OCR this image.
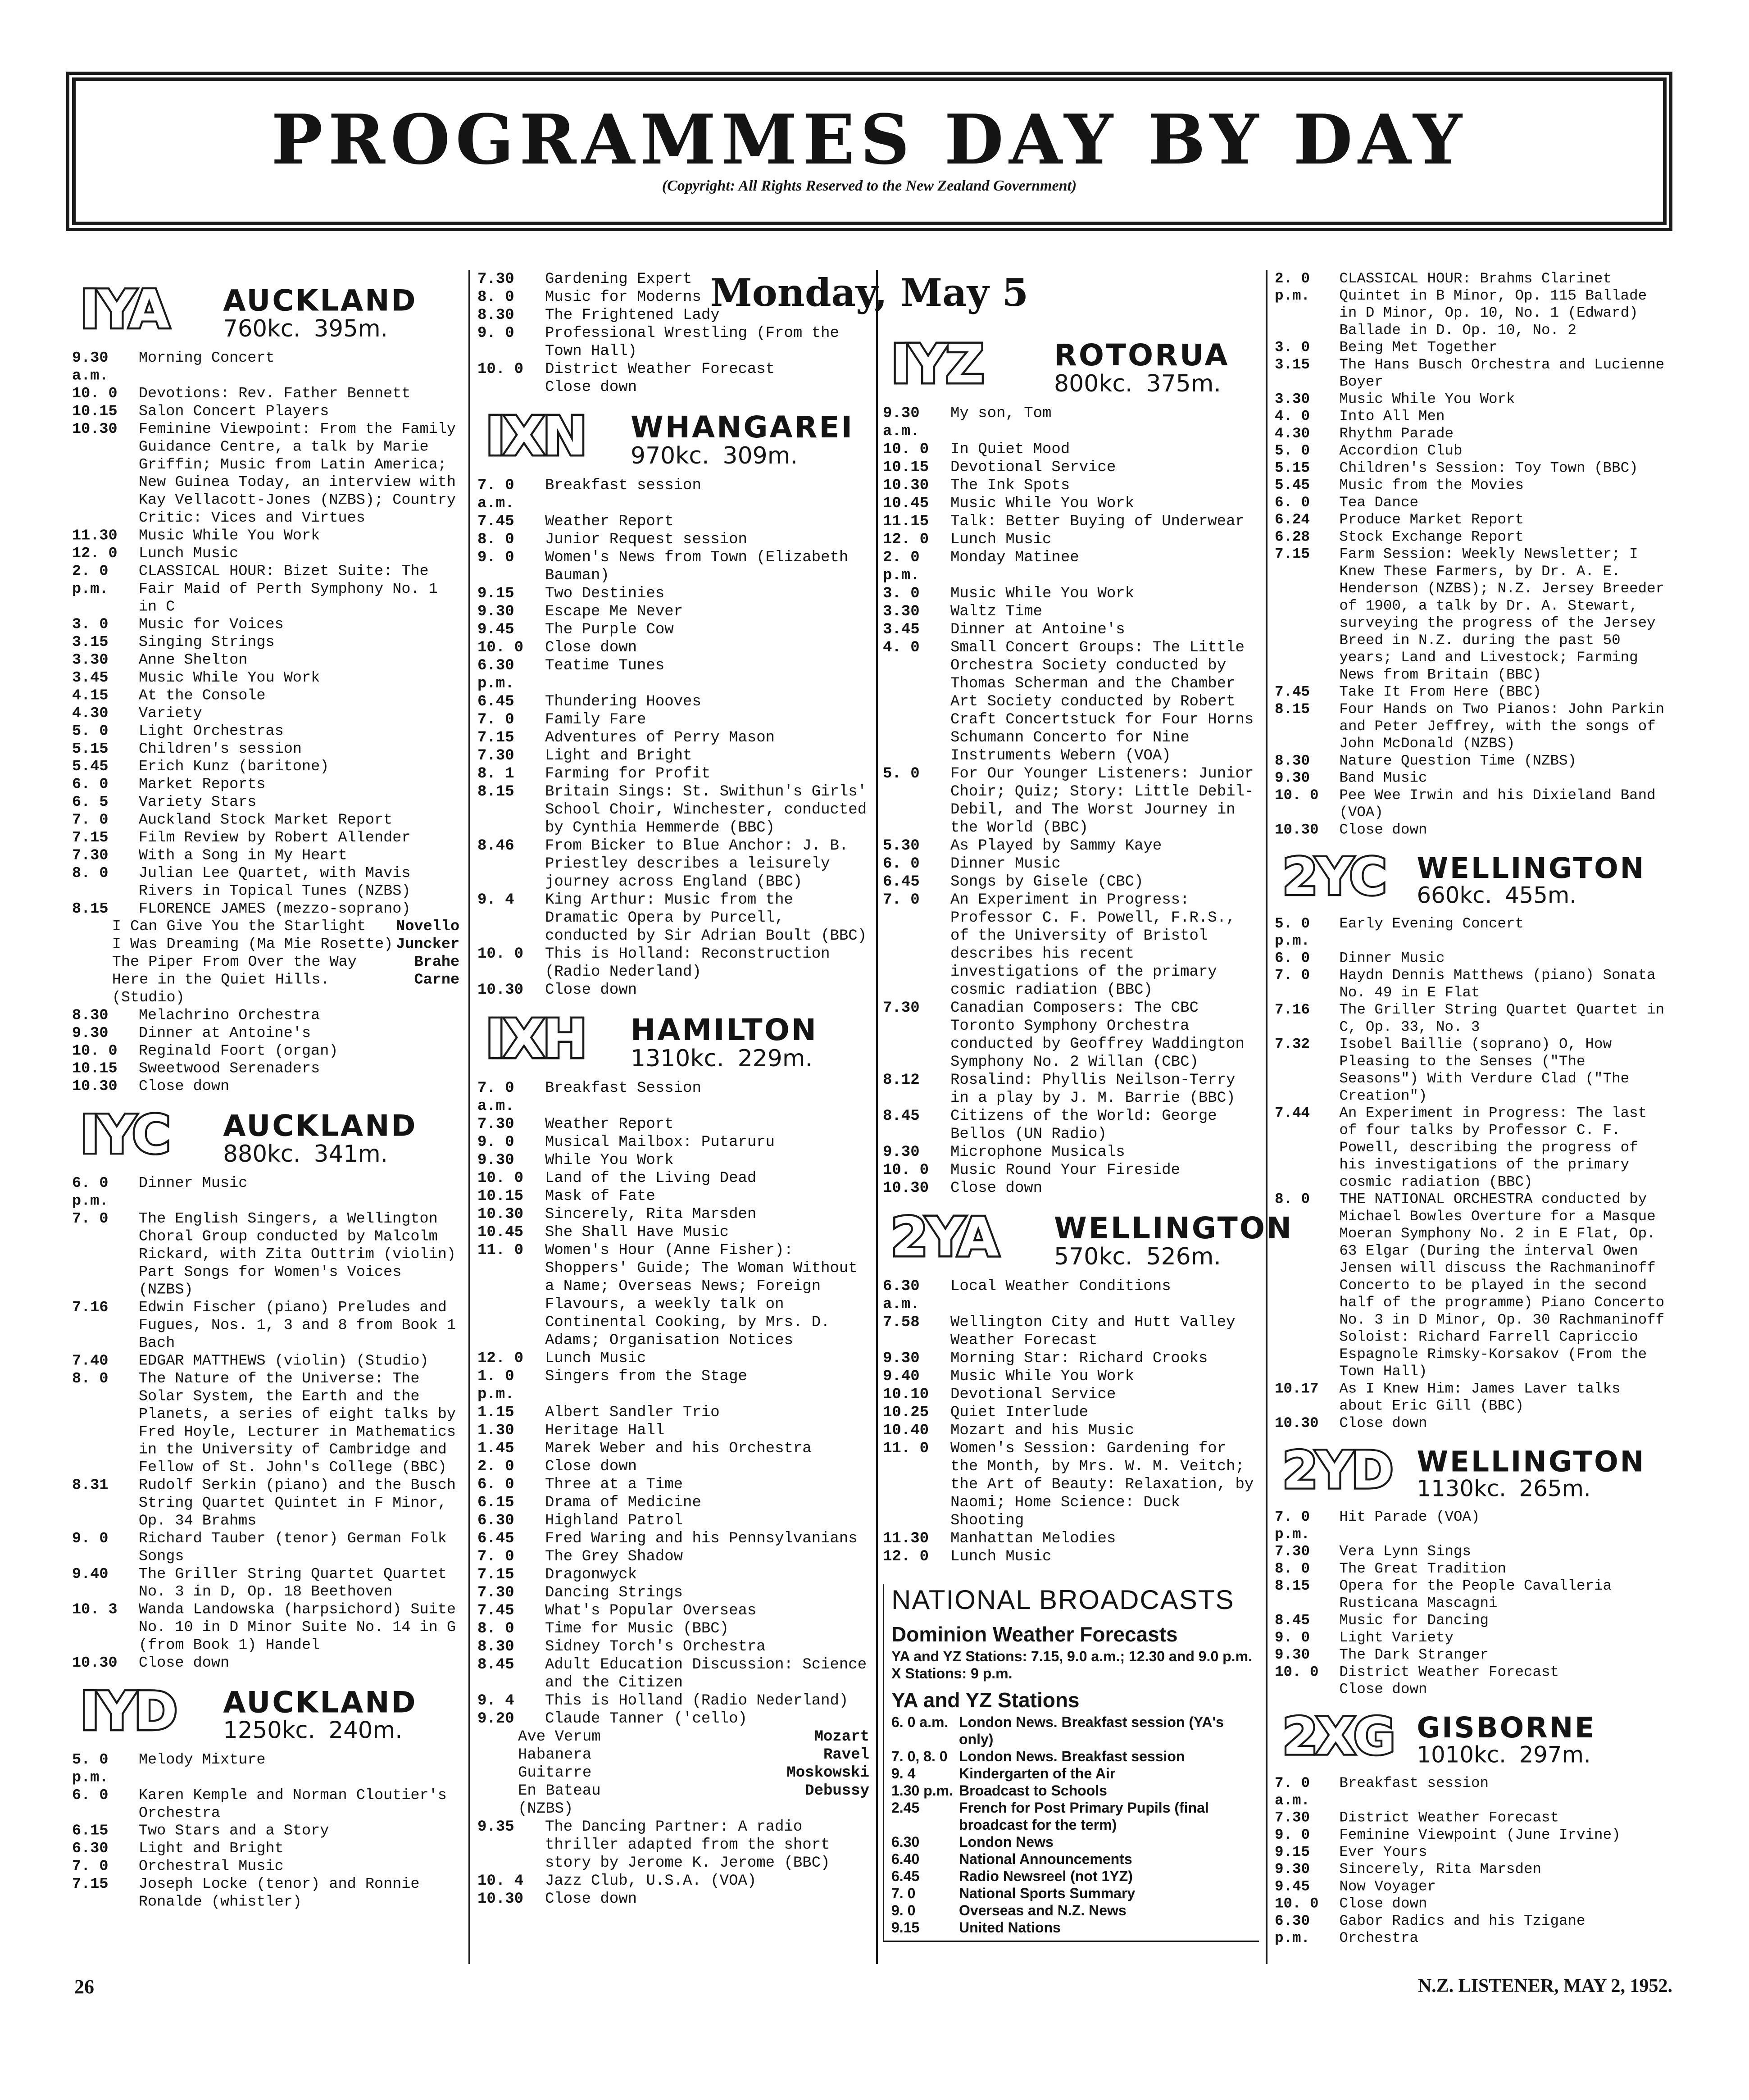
PROGRAMMES DAY BY DAY
(Copyright: All Rights Reserved to the New Zealand Government)
IYA AUCKLAND
760kc. 395m.
9.30 a.m.
Morning Concert
10. 0	Devotions: Rev. Father Bennett
10.15	Salon Concert Players
10.30	Feminine Viewpoint: From the Family Guidance Centre, a talk by Marie Griffin; Music from Latin America; New Guinea Today, an interview with Kay Vellacott-Jones (NZBS); Country Critic: Vices and Virtues
11.30	Music While You Work
12. 0	Lunch Music
2. 0 p.m.
CLASSICAL HOUR: Bizet Suite: The Fair Maid of Perth Symphony No. 1 in C
3. 0	Music for Voices
3.15	Singing Strings
3.30	Anne Shelton
3.45	Music While You Work
4.15	At the Console
4.30	Variety
5. 0	Light Orchestras
5.15	Children's session
5.45	Erich Kunz (baritone)
6. 0	Market Reports
6. 5	Variety Stars
7. 0	Auckland Stock Market Report
7.15	Film Review by Robert Allender
7.30	With a Song in My Heart
8. 0	Julian Lee Quartet, with Mavis Rivers in Topical Tunes (NZBS)
8.15	FLORENCE JAMES (mezzo-soprano)
I Can Give You the Starlight Novello
I Was Dreaming (Ma Mie Rosette) Juncker
The Piper From Over the Way	Brahe
Here in the Quiet Hills.	Carne
(Studio)
8.30	Melachrino Orchestra
9.30	Dinner at Antoine's
10. 0	Reginald Foort (organ)
10.15	Sweetwood Serenaders
10.30	Close down
IYC AUCKLAND
880kc. 341m.
6. 0 p.m.
Dinner Music
7. 0	The English Singers, a Wellington Choral Group conducted by Malcolm Rickard, with Zita Outtrim (violin) Part Songs for Women's Voices (NZBS)
7.16	Edwin Fischer (piano) Preludes and Fugues, Nos. 1, 3 and 8 from Book 1 Bach
7.40	EDGAR MATTHEWS (violin) (Studio)
8. 0	The Nature of the Universe: The Solar System, the Earth and the Planets, a series of eight talks by Fred Hoyle, Lecturer in Mathematics in the University of Cambridge and Fellow of St. John's College (BBC)
8.31	Rudolf Serkin (piano) and the Busch String Quartet Quintet in F Minor, Op. 34 Brahms
9. 0	Richard Tauber (tenor) German Folk Songs
9.40	The Griller String Quartet Quartet No. 3 in D, Op. 18 Beethoven
10. 3	Wanda Landowska (harpsichord) Suite No. 10 in D Minor Suite No. 14 in G (from Book 1) Handel
10.30	Close down
IYD AUCKLAND
1250kc. 240m.
5. 0 p.m.
Melody Mixture
6. 0	Karen Kemple and Norman Cloutier's Orchestra
6.15	Two Stars and a Story
6.30	Light and Bright
7. 0	Orchestral Music
7.15	Joseph Locke (tenor) and Ronnie Ronalde (whistler)
7.30	Gardening Expert
8. 0	Music for Moderns
8.30	The Frightened Lady
9. 0	Professional Wrestling (From the Town Hall)
10. 0	District Weather Forecast
Close down
IXN WHANGAREI
970kc. 309m.
7. 0 a.m.
Breakfast session
7.45	Weather Report
8. 0	Junior Request session
9. 0	Women's News from Town (Elizabeth Bauman)
9.15	Two Destinies
9.30	Escape Me Never
9.45	The Purple Cow
10. 0	Close down
6.30 p.m.
Teatime Tunes
6.45	Thundering Hooves
7. 0	Family Fare
7.15	Adventures of Perry Mason
7.30	Light and Bright
8. 1	Farming for Profit
8.15	Britain Sings: St. Swithun's Girls' School Choir, Winchester, conducted by Cynthia Hemmerde (BBC)
8.46	From Bicker to Blue Anchor: J. B. Priestley describes a leisurely journey across England (BBC)
9. 4	King Arthur: Music from the Dramatic Opera by Purcell, conducted by Sir Adrian Boult (BBC)
10. 0	This is Holland: Reconstruction (Radio Nederland)
10.30	Close down
IXH HAMILTON
1310kc. 229m.
7. 0 a.m.
Breakfast Session
7.30	Weather Report
9. 0	Musical Mailbox: Putaruru
9.30	While You Work
10. 0	Land of the Living Dead
10.15	Mask of Fate
10.30	Sincerely, Rita Marsden
10.45	She Shall Have Music
11. 0	Women's Hour (Anne Fisher): Shoppers' Guide; The Woman Without a Name; Overseas News; Foreign Flavours, a weekly talk on Continental Cooking, by Mrs. D. Adams; Organisation Notices
12. 0	Lunch Music
1. 0 p.m.
Singers from the Stage
1.15	Albert Sandler Trio
1.30	Heritage Hall
1.45	Marek Weber and his Orchestra
2. 0	Close down
6. 0	Three at a Time
6.15	Drama of Medicine
6.30	Highland Patrol
6.45	Fred Waring and his Pennsylvanians
7. 0	The Grey Shadow
7.15	Dragonwyck
7.30	Dancing Strings
7.45	What's Popular Overseas
8. 0	Time for Music (BBC)
8.30	Sidney Torch's Orchestra
8.45	Adult Education Discussion: Science and the Citizen
9. 4	This is Holland (Radio Nederland)
9.20	Claude Tanner ('cello)
Ave Verum	Mozart
Habanera	Ravel
Guitarre	Moskowski
En Bateau	Debussy
(NZBS)
9.35	The Dancing Partner: A radio thriller adapted from the short story by Jerome K. Jerome (BBC)
10. 4	Jazz Club, U.S.A. (VOA)
10.30	Close down
Monday, May 5
IYZ ROTORUA
800kc. 375m.
9.30 a.m.
My son, Tom
10. 0	In Quiet Mood
10.15	Devotional Service
10.30	The Ink Spots
10.45	Music While You Work
11.15	Talk: Better Buying of Underwear
12. 0	Lunch Music
2. 0 p.m.
Monday Matinee
3. 0	Music While You Work
3.30	Waltz Time
3.45	Dinner at Antoine's
4. 0	Small Concert Groups: The Little Orchestra Society conducted by Thomas Scherman and the Chamber Art Society conducted by Robert Craft Concertstuck for Four Horns Schumann Concerto for Nine Instruments Webern (VOA)
5. 0	For Our Younger Listeners: Junior Choir; Quiz; Story: Little Debil-Debil, and The Worst Journey in the World (BBC)
5.30	As Played by Sammy Kaye
6. 0	Dinner Music
6.45	Songs by Gisele (CBC)
7. 0	An Experiment in Progress: Professor C. F. Powell, F.R.S., of the University of Bristol describes his recent investigations of the primary cosmic radiation (BBC)
7.30	Canadian Composers: The CBC Toronto Symphony Orchestra conducted by Geoffrey Waddington Symphony No. 2 Willan (CBC)
8.12	Rosalind: Phyllis Neilson-Terry in a play by J. M. Barrie (BBC)
8.45	Citizens of the World: George Bellos (UN Radio)
9.30	Microphone Musicals
10. 0	Music Round Your Fireside
10.30	Close down
2YA WELLINGTON
570kc. 526m.
6.30 a.m.
Local Weather Conditions
7.58	Wellington City and Hutt Valley Weather Forecast
9.30	Morning Star: Richard Crooks
9.40	Music While You Work
10.10	Devotional Service
10.25	Quiet Interlude
10.40	Mozart and his Music
11. 0	Women's Session: Gardening for the Month, by Mrs. W. M. Veitch; the Art of Beauty: Relaxation, by Naomi; Home Science: Duck Shooting
11.30	Manhattan Melodies
12. 0	Lunch Music
NATIONAL BROADCASTS
Dominion Weather Forecasts
YA and YZ Stations: 7.15, 9.0 a.m.; 12.30 and 9.0 p.m.
X Stations: 9 p.m.
YA and YZ Stations
6. 0 a.m. London News. Breakfast session (YA's only)
7. 0, 8. 0 London News. Breakfast session
9. 4	Kindergarten of the Air
1.30 p.m. Broadcast to Schools
2.45	French for Post Primary Pupils (final broadcast for the term)
6.30	London News
6.40	National Announcements
6.45	Radio Newsreel (not 1YZ)
7. 0	National Sports Summary
9. 0	Overseas and N.Z. News
9.15	United Nations
2. 0 p.m.
CLASSICAL HOUR: Brahms Clarinet Quintet in B Minor, Op. 115 Ballade in D Minor, Op. 10, No. 1 (Edward) Ballade in D. Op. 10, No. 2
3. 0	Being Met Together
3.15	The Hans Busch Orchestra and Lucienne Boyer
3.30	Music While You Work
4. 0	Into All Men
4.30	Rhythm Parade
5. 0	Accordion Club
5.15	Children's Session: Toy Town (BBC)
5.45	Music from the Movies
6. 0	Tea Dance
6.24	Produce Market Report
6.28	Stock Exchange Report
7.15	Farm Session: Weekly Newsletter; I Knew These Farmers, by Dr. A. E. Henderson (NZBS); N.Z. Jersey Breeder of 1900, a talk by Dr. A. Stewart, surveying the progress of the Jersey Breed in N.Z. during the past 50 years; Land and Livestock; Farming News from Britain (BBC)
7.45	Take It From Here (BBC)
8.15	Four Hands on Two Pianos: John Parkin and Peter Jeffrey, with the songs of John McDonald (NZBS)
8.30	Nature Question Time (NZBS)
9.30	Band Music
10. 0	Pee Wee Irwin and his Dixieland Band (VOA)
10.30	Close down
2YC WELLINGTON
660kc. 455m.
5. 0 p.m.
Early Evening Concert
6. 0	Dinner Music
7. 0	Haydn Dennis Matthews (piano) Sonata No. 49 in E Flat
7.16	The Griller String Quartet Quartet in C, Op. 33, No. 3
7.32	Isobel Baillie (soprano) O, How Pleasing to the Senses ("The Seasons") With Verdure Clad ("The Creation")
7.44	An Experiment in Progress: The last of four talks by Professor C. F. Powell, describing the progress of his investigations of the primary cosmic radiation (BBC)
8. 0	THE NATIONAL ORCHESTRA conducted by Michael Bowles Overture for a Masque Moeran Symphony No. 2 in E Flat, Op. 63 Elgar (During the interval Owen Jensen will discuss the Rachmaninoff Concerto to be played in the second half of the programme) Piano Concerto No. 3 in D Minor, Op. 30 Rachmaninoff Soloist: Richard Farrell Capriccio Espagnole Rimsky-Korsakov (From the Town Hall)
10.17	As I Knew Him: James Laver talks about Eric Gill (BBC)
10.30	Close down
2YD WELLINGTON
1130kc. 265m.
7. 0 p.m.
Hit Parade (VOA)
7.30	Vera Lynn Sings
8. 0	The Great Tradition
8.15	Opera for the People Cavalleria Rusticana Mascagni
8.45	Music for Dancing
9. 0	Light Variety
9.30	The Dark Stranger
10. 0	District Weather Forecast
Close down
2XG GISBORNE
1010kc. 297m.
7. 0 a.m.
Breakfast session
7.30	District Weather Forecast
9. 0	Feminine Viewpoint (June Irvine)
9.15	Ever Yours
9.30	Sincerely, Rita Marsden
9.45	Now Voyager
10. 0	Close down
6.30 p.m.
Gabor Radics and his Tzigane Orchestra
26	N.Z. LISTENER, MAY 2, 1952.
